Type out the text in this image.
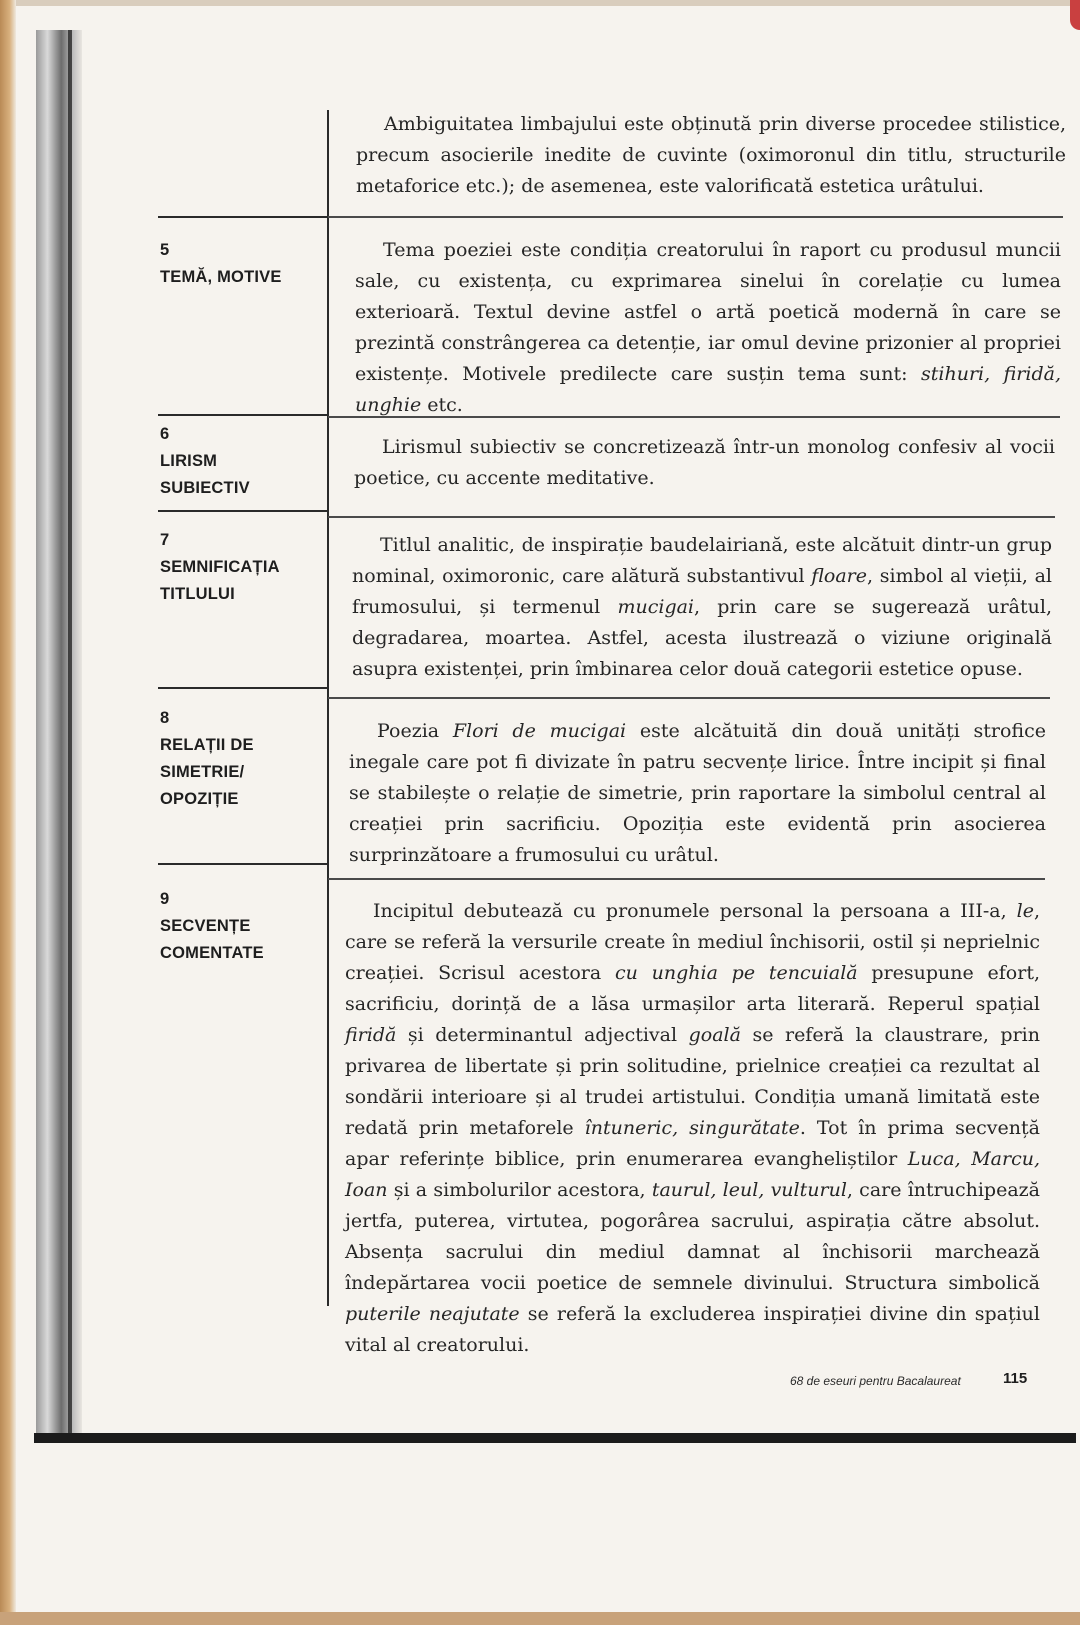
Ambiguitatea limbajului este obținută prin diverse procedee stilistice, precum asocierile inedite de cuvinte (oximoronul din titlu, structurile metaforice etc.); de asemenea, este valorificată estetica urâtului.

5
TEMĂ, MOTIVE

Tema poeziei este condiția creatorului în raport cu produsul muncii sale, cu existența, cu exprimarea sinelui în corelație cu lumea exterioară. Textul devine astfel o artă poetică modernă în care se prezintă constrângerea ca detenție, iar omul devine prizonier al propriei existențe. Motivele predilecte care susțin tema sunt: stihuri, firidă, unghie etc.

6
LIRISM
SUBIECTIV

Lirismul subiectiv se concretizează într-un monolog confesiv al vocii poetice, cu accente meditative.

7
SEMNIFICAȚIA
TITLULUI

Titlul analitic, de inspirație baudelairiană, este alcătuit dintr-un grup nominal, oximoronic, care alătură substantivul floare, simbol al vieții, al frumosului, și termenul mucigai, prin care se sugerează urâtul, degradarea, moartea. Astfel, acesta ilustrează o viziune originală asupra existenței, prin îmbinarea celor două categorii estetice opuse.

8
RELAȚII DE
SIMETRIE/
OPOZIȚIE

Poezia Flori de mucigai este alcătuită din două unități strofice inegale care pot fi divizate în patru secvențe lirice. Între incipit și final se stabilește o relație de simetrie, prin raportare la simbolul central al creației prin sacrificiu. Opoziția este evidentă prin asocierea surprinzătoare a frumosului cu urâtul.

9
SECVENȚE
COMENTATE

Incipitul debutează cu pronumele personal la persoana a III-a, le, care se referă la versurile create în mediul închisorii, ostil și neprielnic creației. Scrisul acestora cu unghia pe tencuială presupune efort, sacrificiu, dorință de a lăsa urmașilor arta literară. Reperul spațial firidă și determinantul adjectival goală se referă la claustrare, prin privarea de libertate și prin solitudine, prielnice creației ca rezultat al sondării interioare și al trudei artistului. Condiția umană limitată este redată prin metaforele întuneric, singurătate. Tot în prima secvență apar referințe biblice, prin enumerarea evangheliștilor Luca, Marcu, Ioan și a simbolurilor acestora, taurul, leul, vulturul, care întruchipează jertfa, puterea, virtutea, pogorârea sacrului, aspirația către absolut. Absența sacrului din mediul damnat al închisorii marchează îndepărtarea vocii poetice de semnele divinului. Structura simbolică puterile neajutate se referă la excluderea inspirației divine din spațiul vital al creatorului.

68 de eseuri pentru Bacalaureat	115
